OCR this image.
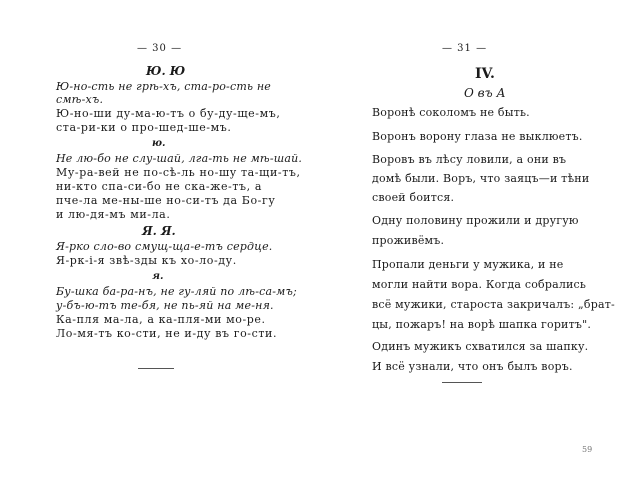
— 30 —
Ю. Ю
Ю-но-сть не грѣ-хъ, ста-ро-сть не
смѣ-хъ.
Ю-но-ши ду-ма-ю-тъ о бу-ду-ще-мъ,
ста-ри-ки о про-шед-ше-мъ.
ю.
Не лю-бо не слу-шай, лга-ть не мѣ-шай.
Му-ра-вей не по-сѣ-ль но-шу та-щи-тъ,
ни-кто спа-си-бо не ска-же-тъ, а
пче-ла ме-ны-ше но-си-тъ да Бо-гу
и лю-дя-мъ ми-ла.
Я. Я.
Я-рко сло-во смущ-ща-е-тъ сердце.
Я-рк-і-я звѣ-зды къ хо-ло-ду.
я.
Бу-шка ба-ра-нъ, не гу-ляй по лѣ-са-мъ;
у-бъ-ю-тъ те-бя, не пь-яй на ме-ня.
Ка-пля ма-ла, а ка-пля-ми мо-ре.
Ло-мя-тъ ко-сти, не и-ду въ го-сти.
— 31 —
IV.
О въ А
Воронѣ соколомъ не быть.
Воронъ ворону глаза не выклюетъ.
Воровъ въ лѣсу ловили, а они въ
домѣ были. Воръ, что заяцъ—и тѣни
своей боится.
Одну половину прожили и другую
проживёмъ.
Пропали деньги у мужика, и не
могли найти вора. Когда собрались
всё мужики, староста закричалъ: „брат-
цы, пожаръ! на ворѣ шапка горитъ".
Одинъ мужикъ схватился за шапку.
И всё узнали, что онъ былъ воръ.
59
